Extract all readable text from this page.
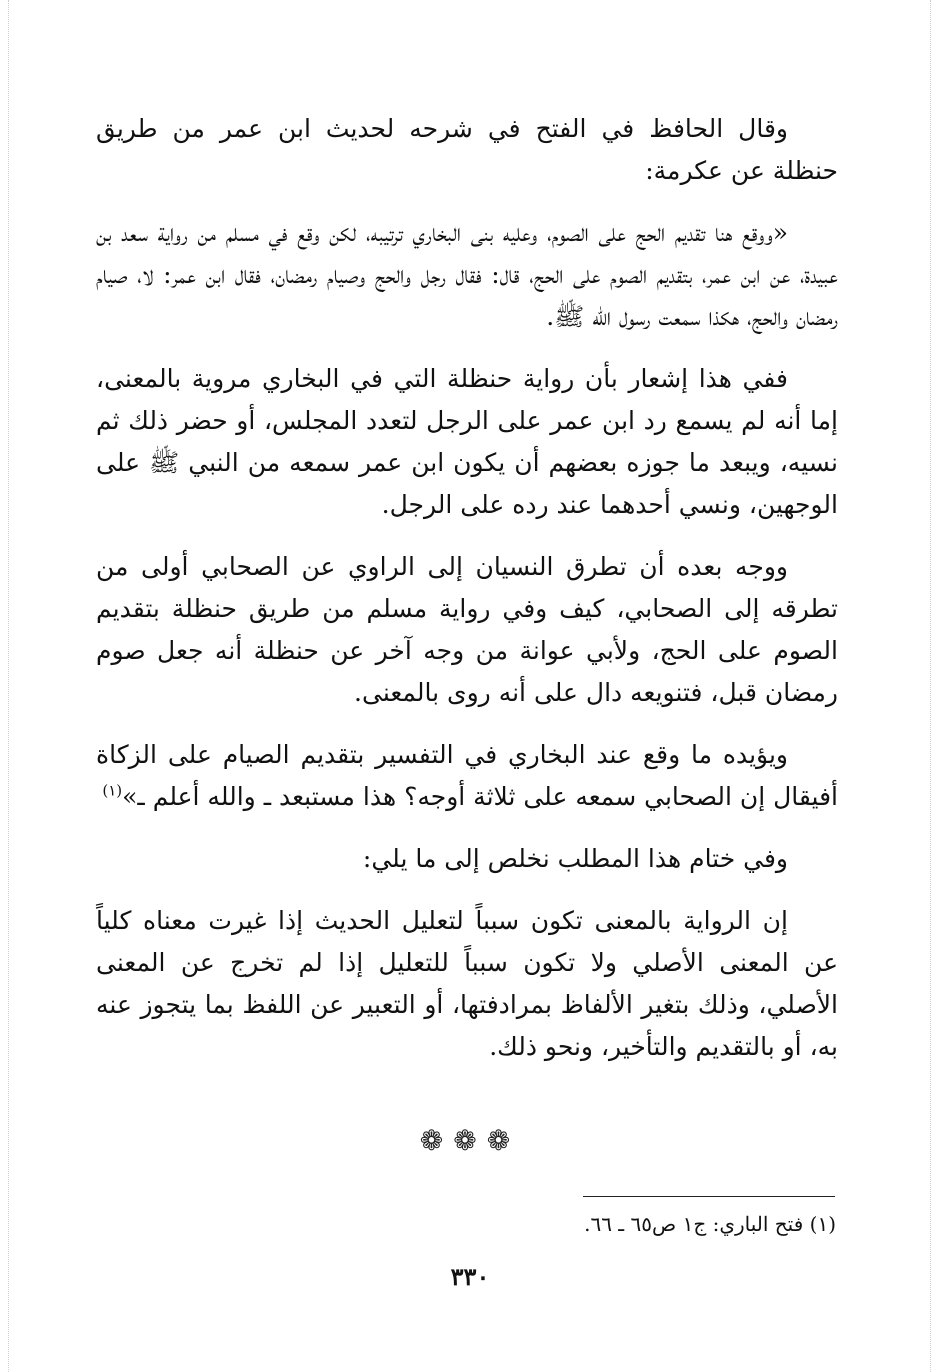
وقال الحافظ في الفتح في شرحه لحديث ابن عمر من طريق حنظلة عن عكرمة:

«ووقع هنا تقديم الحج على الصوم، وعليه بنى البخاري ترتيبه، لكن وقع في مسلم من رواية سعد بن عبيدة، عن ابن عمر، بتقديم الصوم على الحج، قال: فقال رجل والحج وصيام رمضان، فقال ابن عمر: لا، صيام رمضان والحج، هكذا سمعت رسول الله ﷺ.

ففي هذا إشعار بأن رواية حنظلة التي في البخاري مروية بالمعنى، إما أنه لم يسمع رد ابن عمر على الرجل لتعدد المجلس، أو حضر ذلك ثم نسيه، ويبعد ما جوزه بعضهم أن يكون ابن عمر سمعه من النبي ﷺ على الوجهين، ونسي أحدهما عند رده على الرجل.

ووجه بعده أن تطرق النسيان إلى الراوي عن الصحابي أولى من تطرقه إلى الصحابي، كيف وفي رواية مسلم من طريق حنظلة بتقديم الصوم على الحج، ولأبي عوانة من وجه آخر عن حنظلة أنه جعل صوم رمضان قبل، فتنويعه دال على أنه روى بالمعنى.

ويؤيده ما وقع عند البخاري في التفسير بتقديم الصيام على الزكاة أفيقال إن الصحابي سمعه على ثلاثة أوجه؟ هذا مستبعد ـ والله أعلم ـ»$^{(١)}$

وفي ختام هذا المطلب نخلص إلى ما يلي:

إن الرواية بالمعنى تكون سبباً لتعليل الحديث إذا غيرت معناه كلياً عن المعنى الأصلي ولا تكون سبباً للتعليل إذا لم تخرج عن المعنى الأصلي، وذلك بتغير الألفاظ بمرادفتها، أو التعبير عن اللفظ بما يتجوز عنه به، أو بالتقديم والتأخير، ونحو ذلك.

❁❁❁
(١) فتح الباري: ج١ ص٦٥ ـ ٦٦.
٣٣٠
